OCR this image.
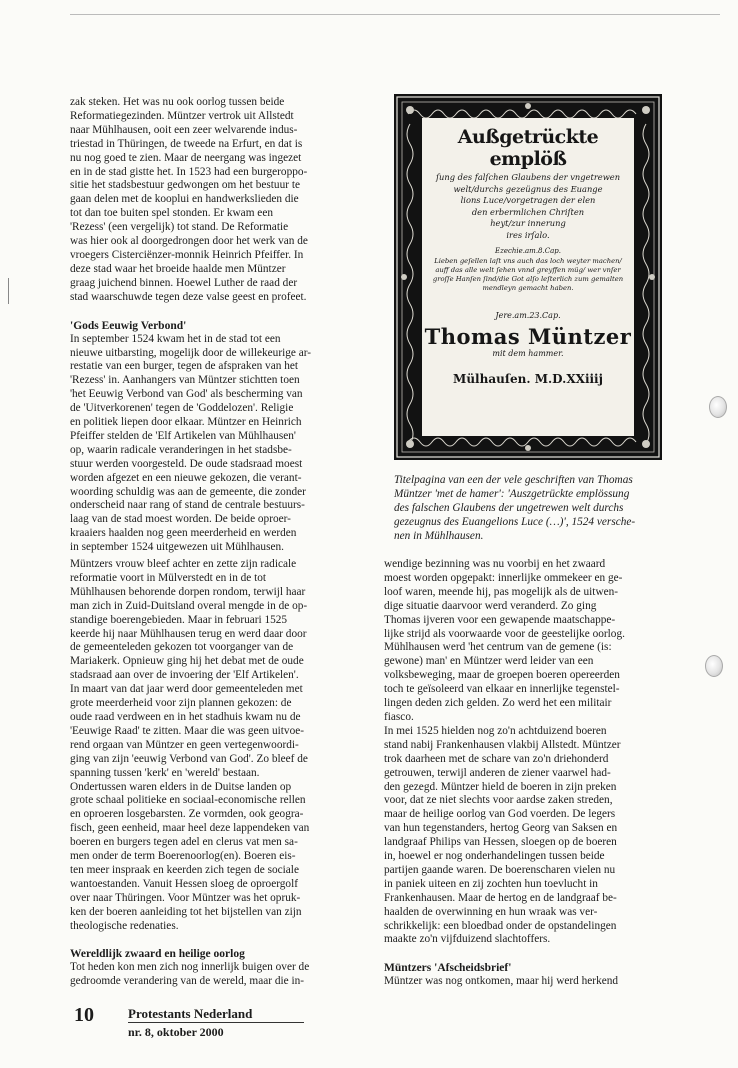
zak steken. Het was nu ook oorlog tussen beide
Reformatiegezinden. Müntzer vertrok uit Allstedt
naar Mühlhausen, ooit een zeer welvarende indus-
triestad in Thüringen, de tweede na Erfurt, en dat is
nu nog goed te zien. Maar de neergang was ingezet
en in de stad gistte het. In 1523 had een burgeroppo-
sitie het stadsbestuur gedwongen om het bestuur te
gaan delen met de kooplui en handwerkslieden die
tot dan toe buiten spel stonden. Er kwam een
'Rezess' (een vergelijk) tot stand. De Reformatie
was hier ook al doorgedrongen door het werk van de
vroegers Cisterciënzer-monnik Heinrich Pfeiffer. In
deze stad waar het broeide haalde men Müntzer
graag juichend binnen. Hoewel Luther de raad der
stad waarschuwde tegen deze valse geest en profeet.

'Gods Eeuwig Verbond'

In september 1524 kwam het in de stad tot een
nieuwe uitbarsting, mogelijk door de willekeurige ar-
restatie van een burger, tegen de afspraken van het
'Rezess' in. Aanhangers van Müntzer stichtten toen
'het Eeuwig Verbond van God' als bescherming van
de 'Uitverkorenen' tegen de 'Goddelozen'. Religie
en politiek liepen door elkaar. Müntzer en Heinrich
Pfeiffer stelden de 'Elf Artikelen van Mühlhausen'
op, waarin radicale veranderingen in het stadsbe-
stuur werden voorgesteld. De oude stadsraad moest
worden afgezet en een nieuwe gekozen, die verant-
woording schuldig was aan de gemeente, die zonder
onderscheid naar rang of stand de centrale bestuurs-
laag van de stad moest worden. De beide oproer-
kraaiers haalden nog geen meerderheid en werden
in september 1524 uitgewezen uit Mühlhausen.

Außgetrückte emplöß
ſung des falſchen Glaubens der vngetrewen
welt/durchs gezeügnus des Euange
lions Luce/vorgetragen der elen
den erbermlichen Chriſten
heyt/zur innerung
ires irſalo.
Ezechie.am.8.Cap.
Lieben geſellen laſt vns auch das loch weyter machen/
auff das alle welt ſehen vnnd greyffen müg/ wer vnſer
groſſe Hanſen ſind/die Got alſo leſterlich zum gemalten
mendleyn gemacht haben.
Jere.am.23.Cap.
Thomas Müntzer
mit dem hammer.
Mülhauſen. M.D.XXiiij
Titelpagina van een der vele geschriften van Thomas
Müntzer 'met de hamer': 'Auszgetrückte emplössung
des falschen Glaubens der ungetrewen welt durchs
gezeugnus des Euangelions Luce (…)', 1524 versche-
nen in Mühlhausen.

Müntzers vrouw bleef achter en zette zijn radicale
reformatie voort in Mülverstedt en in de tot
Mühlhausen behorende dorpen rondom, terwijl haar
man zich in Zuid-Duitsland overal mengde in de op-
standige boerengebieden. Maar in februari 1525
keerde hij naar Mühlhausen terug en werd daar door
de gemeenteleden gekozen tot voorganger van de
Mariakerk. Opnieuw ging hij het debat met de oude
stadsraad aan over de invoering der 'Elf Artikelen'.
In maart van dat jaar werd door gemeenteleden met
grote meerderheid voor zijn plannen gekozen: de
oude raad verdween en in het stadhuis kwam nu de
'Eeuwige Raad' te zitten. Maar die was geen uitvoe-
rend orgaan van Müntzer en geen vertegenwoordi-
ging van zijn 'eeuwig Verbond van God'. Zo bleef de
spanning tussen 'kerk' en 'wereld' bestaan.
Ondertussen waren elders in de Duitse landen op
grote schaal politieke en sociaal-economische rellen
en oproeren losgebarsten. Ze vormden, ook geogra-
fisch, geen eenheid, maar heel deze lappendeken van
boeren en burgers tegen adel en clerus vat men sa-
men onder de term Boerenoorlog(en). Boeren eis-
ten meer inspraak en keerden zich tegen de sociale
wantoestanden. Vanuit Hessen sloeg de oproergolf
over naar Thüringen. Voor Müntzer was het opruk-
ken der boeren aanleiding tot het bijstellen van zijn
theologische redenaties.

Wereldlijk zwaard en heilige oorlog

Tot heden kon men zich nog innerlijk buigen over de
gedroomde verandering van de wereld, maar die in-

wendige bezinning was nu voorbij en het zwaard
moest worden opgepakt: innerlijke ommekeer en ge-
loof waren, meende hij, pas mogelijk als de uitwen-
dige situatie daarvoor werd veranderd. Zo ging
Thomas ijveren voor een gewapende maatschappe-
lijke strijd als voorwaarde voor de geestelijke oorlog.
Mühlhausen werd 'het centrum van de gemene (is:
gewone) man' en Müntzer werd leider van een
volksbeweging, maar de groepen boeren opereerden
toch te geïsoleerd van elkaar en innerlijke tegenstel-
lingen deden zich gelden. Zo werd het een militair
fiasco.

In mei 1525 hielden nog zo'n achtduizend boeren
stand nabij Frankenhausen vlakbij Allstedt. Müntzer
trok daarheen met de schare van zo'n driehonderd
getrouwen, terwijl anderen de ziener vaarwel had-
den gezegd. Müntzer hield de boeren in zijn preken
voor, dat ze niet slechts voor aardse zaken streden,
maar de heilige oorlog van God voerden. De legers
van hun tegenstanders, hertog Georg van Saksen en
landgraaf Philips van Hessen, sloegen op de boeren
in, hoewel er nog onderhandelingen tussen beide
partijen gaande waren. De boerenscharen vielen nu
in paniek uiteen en zij zochten hun toevlucht in
Frankenhausen. Maar de hertog en de landgraaf be-
haalden de overwinning en hun wraak was ver-
schrikkelijk: een bloedbad onder de opstandelingen
maakte zo'n vijfduizend slachtoffers.

Müntzers 'Afscheidsbrief'

Müntzer was nog ontkomen, maar hij werd herkend

10	Protestants Nederland
nr. 8, oktober 2000
